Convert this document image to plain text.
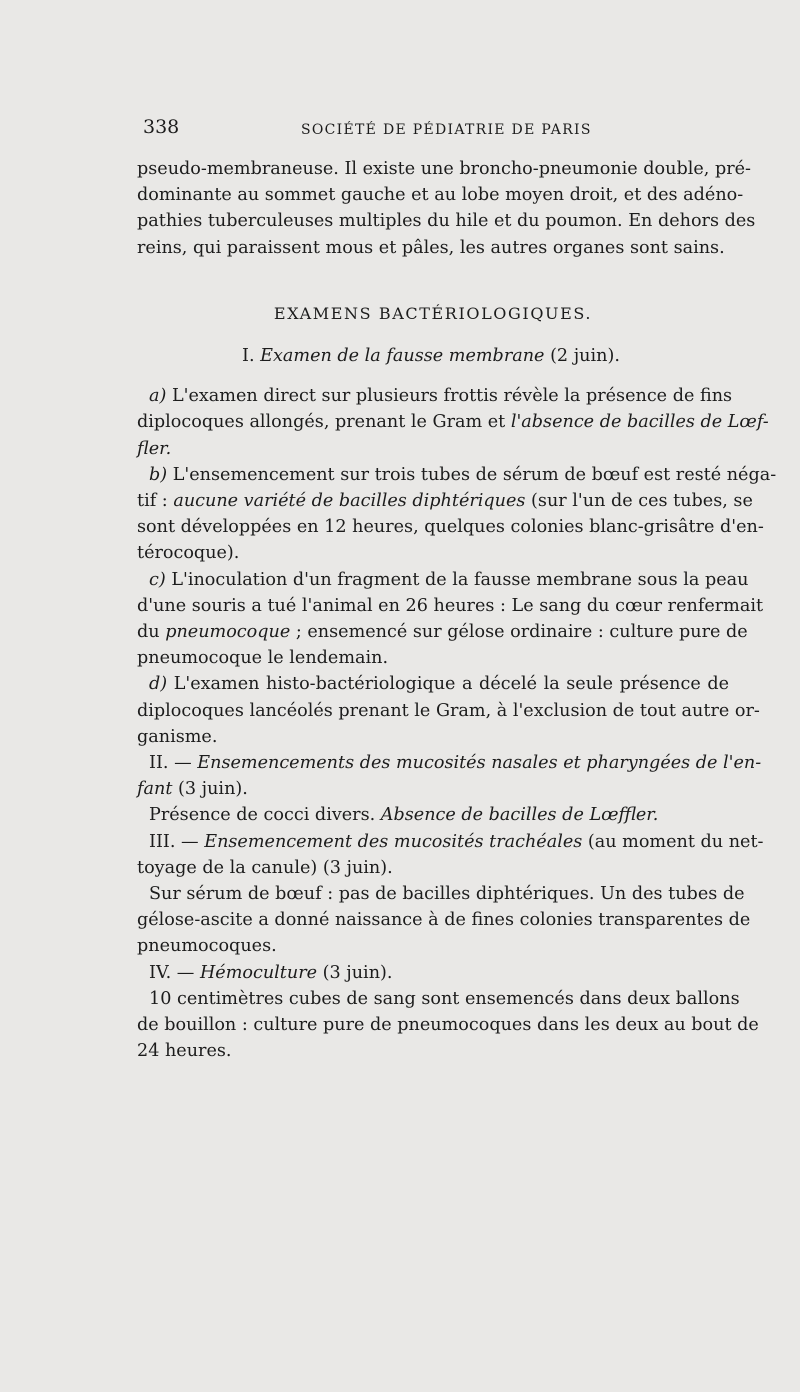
338	SOCIÉTÉ DE PÉDIATRIE DE PARIS
pseudo-membraneuse. Il existe une broncho-pneumonie double, pré-
dominante au sommet gauche et au lobe moyen droit, et des adéno-
pathies tuberculeuses multiples du hile et du poumon. En dehors des
reins, qui paraissent mous et pâles, les autres organes sont sains.
EXAMENS BACTÉRIOLOGIQUES.
I. Examen de la fausse membrane (2 juin).
a) L'examen direct sur plusieurs frottis révèle la présence de fins
diplocoques allongés, prenant le Gram et l'absence de bacilles de Lœf-
fler.
b) L'ensemencement sur trois tubes de sérum de bœuf est resté néga-
tif : aucune variété de bacilles diphtériques (sur l'un de ces tubes, se
sont développées en 12 heures, quelques colonies blanc-grisâtre d'en-
térocoque).
c) L'inoculation d'un fragment de la fausse membrane sous la peau
d'une souris a tué l'animal en 26 heures : Le sang du cœur renfermait
du pneumocoque ; ensemencé sur gélose ordinaire : culture pure de
pneumocoque le lendemain.
d) L'examen histo-bactériologique a décelé la seule présence de
diplocoques lancéolés prenant le Gram, à l'exclusion de tout autre or-
ganisme.
II. — Ensemencements des mucosités nasales et pharyngées de l'en-
fant (3 juin).
Présence de cocci divers. Absence de bacilles de Lœffler.
III. — Ensemencement des mucosités trachéales (au moment du net-
toyage de la canule) (3 juin).
Sur sérum de bœuf : pas de bacilles diphtériques. Un des tubes de
gélose-ascite a donné naissance à de fines colonies transparentes de
pneumocoques.
IV. — Hémoculture (3 juin).
10 centimètres cubes de sang sont ensemencés dans deux ballons
de bouillon : culture pure de pneumocoques dans les deux au bout de
24 heures.
